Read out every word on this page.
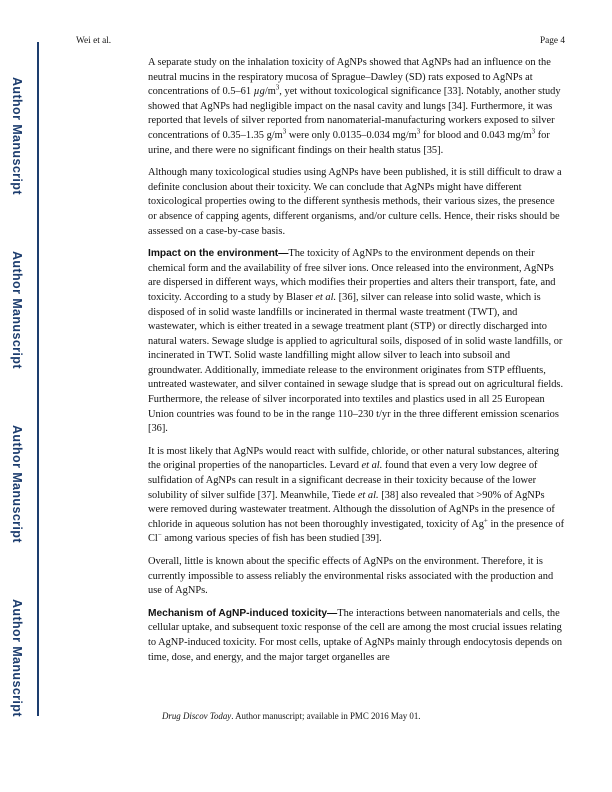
Author Manuscript
Author Manuscript
Author Manuscript
Author Manuscript
Wei et al.	Page 4

A separate study on the inhalation toxicity of AgNPs showed that AgNPs had an influence on the neutral mucins in the respiratory mucosa of Sprague–Dawley (SD) rats exposed to AgNPs at concentrations of 0.5–61 $\mu g/m^3$, yet without toxicological significance [33]. Notably, another study showed that AgNPs had negligible impact on the nasal cavity and lungs [34]. Furthermore, it was reported that levels of silver reported from nanomaterial-manufacturing workers exposed to silver concentrations of 0.35–1.35 $g/m^3$ were only 0.0135–0.034 $mg/m^3$ for blood and 0.043 $mg/m^3$ for urine, and there were no significant findings on their health status [35].

Although many toxicological studies using AgNPs have been published, it is still difficult to draw a definite conclusion about their toxicity. We can conclude that AgNPs might have different toxicological properties owing to the different synthesis methods, their various sizes, the presence or absence of capping agents, different organisms, and/or culture cells. Hence, their risks should be assessed on a case-by-case basis.

Impact on the environment—The toxicity of AgNPs to the environment depends on their chemical form and the availability of free silver ions. Once released into the environment, AgNPs are dispersed in different ways, which modifies their properties and alters their transport, fate, and toxicity. According to a study by Blaser et al. [36], silver can release into solid waste, which is disposed of in solid waste landfills or incinerated in thermal waste treatment (TWT), and wastewater, which is either treated in a sewage treatment plant (STP) or directly discharged into natural waters. Sewage sludge is applied to agricultural soils, disposed of in solid waste landfills, or incinerated in TWT. Solid waste landfilling might allow silver to leach into subsoil and groundwater. Additionally, immediate release to the environment originates from STP effluents, untreated wastewater, and silver contained in sewage sludge that is spread out on agricultural fields. Furthermore, the release of silver incorporated into textiles and plastics used in all 25 European Union countries was found to be in the range 110–230 t/yr in the three different emission scenarios [36].

It is most likely that AgNPs would react with sulfide, chloride, or other natural substances, altering the original properties of the nanoparticles. Levard et al. found that even a very low degree of sulfidation of AgNPs can result in a significant decrease in their toxicity because of the lower solubility of silver sulfide [37]. Meanwhile, Tiede et al. [38] also revealed that >90% of AgNPs were removed during wastewater treatment. Although the dissolution of AgNPs in the presence of chloride in aqueous solution has not been thoroughly investigated, toxicity of Ag+ in the presence of Cl− among various species of fish has been studied [39].

Overall, little is known about the specific effects of AgNPs on the environment. Therefore, it is currently impossible to assess reliably the environmental risks associated with the production and use of AgNPs.

Mechanism of AgNP-induced toxicity—The interactions between nanomaterials and cells, the cellular uptake, and subsequent toxic response of the cell are among the most crucial issues relating to AgNP-induced toxicity. For most cells, uptake of AgNPs mainly through endocytosis depends on time, dose, and energy, and the major target organelles are

Drug Discov Today. Author manuscript; available in PMC 2016 May 01.
